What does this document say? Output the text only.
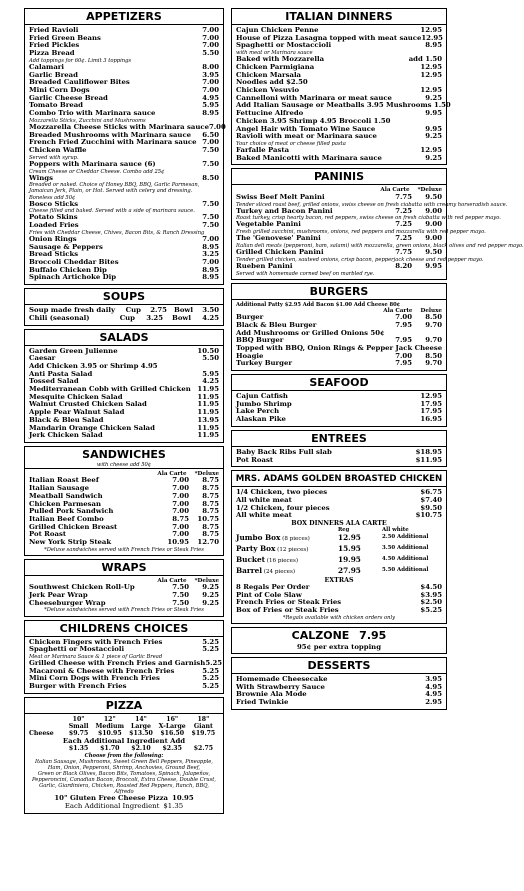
APPETIZERS
Fried Ravioli	7.00
Fried Green Beans	7.00
Fried Pickles	7.00
Pizza Bread	5.50
Add toppings for 60¢. Limit 3 toppings
Calamari	8.00
Garlic Bread	3.95
Breaded Cauliflower Bites	7.00
Mini Corn Dogs	7.00
Garlic Cheese Bread	4.95
Tomato Bread	5.95
Combo Trio with Marinara sauce	8.95
Mozzarella Sticks, Zucchini and Mushrooms
Mozzarella Cheese Sticks with Marinara sauce 7.00
Breaded Mushrooms with Marinara sauce 6.50
French Fried Zucchini with Marinara sauce 7.00
Chicken Waffle	7.50
Served with syrup.
Poppers with Marinara sauce (6)	7.50
Cream Cheese or Cheddar Cheese. Combo add 25¢
Wings	8.50
Breaded or naked. Choice of Honey BBQ, BBQ, Garlic Parmesan,
Jamaican Jerk, Plain, or Hot. Served with celery and dressing.
Boneless add 50¢
Bosco Sticks	7.50
Cheese filled and baked. Served with a side of marinara sauce.
Potato Skins	7.50
Loaded Fries	7.50
Fries with Cheddar Cheese, Chives, Bacon Bits, & Ranch Dressing
Onion Rings	7.00
Sausage & Peppers	8.95
Bread Sticks	3.25
Broccoli Cheddar Bites	7.00
Buffalo Chicken Dip	8.95
Spinach Artichoke Dip	8.95
SOUPS
Soup made fresh daily	Cup	2.75	Bowl	3.50
Chili (seasonal)	Cup	3.25	Bowl	4.25
SALADS
Garden Green Julienne	10.50
Caesar	5.50
Add Chicken 3.95 or Shrimp 4.95
Anti Pasta Salad	5.95
Tossed Salad	4.25
Mediterranean Cobb with Grilled Chicken 11.95
Mesquite Chicken Salad	11.95
Walnut Crusted Chicken Salad	11.95
Apple Pear Walnut Salad	11.95
Black & Bleu Salad	13.95
Mandarin Orange Chicken Salad	11.95
Jerk Chicken Salad	11.95
SANDWICHES
with cheese add 50¢
Ala Carte *Deluxe
Italian Roast Beef	7.00	8.75
Italian Sausage	7.00	8.75
Meatball Sandwich	7.00	8.75
Chicken Parmesan	7.00	8.75
Pulled Pork Sandwich	7.00	8.75
Italian Beef Combo	8.75	10.75
Grilled Chicken Breast	7.00	8.75
Pot Roast	7.00	8.75
New York Strip Steak	10.95	12.70
*Deluxe sandwiches served with French Fries or Steak Fries
WRAPS
Ala Carte *Deluxe
Southwest Chicken Roll-Up	7.50	9.25
Jerk Pear Wrap	7.50	9.25
Cheeseburger Wrap	7.50	9.25
*Deluxe sandwiches served with French Fries or Steak Fries
CHILDRENS CHOICES
Chicken Fingers with French Fries	5.25
Spaghetti or Mostaccioli	5.25
Meat or Marinara Sauce & 1 piece of Garlic Bread
Grilled Cheese with French Fries and Garnish 5.25
Macaroni & Cheese with French Fries	5.25
Mini Corn Dogs with French Fries	5.25
Burger with French Fries	5.25
PIZZA
10"	12"	14"	16"	18"
Small	Medium	Large	X-Large	Giant
Cheese	$9.75	$10.95	$13.50	$16.50	$19.75
Each Additional Ingredient Add
$1.35	$1.70	$2.10	$2.35	$2.75
Choose from the following:
Italian Sausage, Mushrooms, Sweet Green Bell Peppers, Pineapple,
Ham, Onion, Pepperoni, Shrimp, Anchovies, Ground Beef,
Green or Black Olives, Bacon Bits, Tomatoes, Spinach, Jalapeños,
Pepperoncini, Canadian Bacon, Broccoli, Extra Cheese, Double Crust,
Garlic, Giardiniera, Chicken, Roasted Red Peppers, Ranch, BBQ, Alfredo
10" Gluten Free Cheese Pizza 10.95
Each Additional Ingredient $1.35
ITALIAN DINNERS
Cajun Chicken Penne	12.95
House of Pizza Lasagna topped with meat sauce 12.95
Spaghetti or Mostaccioli	8.95
with meat or Marinara sauce
Baked with Mozzarella	add 1.50
Chicken Parmigiana	12.95
Chicken Marsala	12.95
Noodles add $2.50
Chicken Vesuvio	12.95
Cannelloni with Marinara or meat sauce	9.25
Add Italian Sausage or Meatballs 3.95 Mushrooms 1.50
Fettucine Alfredo	9.95
Chicken 3.95 Shrimp 4.95 Broccoli 1.50
Angel Hair with Tomato Wine Sauce	9.95
Ravioli with meat or Marinara sauce	9.25
Your choice of meat or cheese filled pasta
Farfalle Pasta	12.95
Baked Manicotti with Marinara sauce	9.25
PANINIS
Ala Carte *Deluxe
Swiss Beef Melt Panini	7.75	9.50
Tender sliced roast beef, grilled onions, swiss cheese on fresh ciabatta with creamy horseradish sauce.
Turkey and Bacon Panini	7.25	9.00
Roast turkey, crisp hearty bacon, red peppers, swiss cheese on fresh ciabatta with red pepper mayo.
Vegetable Panini	7.25	9.00
Fresh grilled zucchini, mushrooms, onions, red peppers and mozzarella with red pepper mayo.
The 'Genovese' Panini	7.25	9.00
Italian deli meats (pepperoni, ham, salami) with mozzarella, green onions, black olives and red pepper mayo.
Grilled Chicken Panini	7.75	9.50
Tender grilled chicken, sauteed onions, crisp bacon, pepperjack cheese and red pepper mayo.
Rueben Panini	8.20	9.95
Served with homemade corned beef on marbled rye.
BURGERS
Additional Patty $2.95 Add Bacon $1.00 Add Cheese 80¢
Ala Carte Deluxe
Burger	7.00	8.50
Black & Bleu Burger	7.95	9.70
Add Mushrooms or Grilled Onions 50¢
BBQ Burger	7.95	9.70
Topped with BBQ, Onion Rings & Pepper Jack Cheese
Hoagie	7.00	8.50
Turkey Burger	7.95	9.70
SEAFOOD
Cajun Catfish	12.95
Jumbo Shrimp	17.95
Lake Perch	17.95
Alaskan Pike	16.95
ENTREES
Baby Back Ribs Full slab	$18.95
Pot Roast	$11.95
MRS. ADAMS GOLDEN BROASTED CHICKEN
1/4 Chicken, two pieces	$6.75
All white meat	$7.40
1/2 Chicken, four pieces	$9.50
All white meat	$10.75
BOX DINNERS ALA CARTE
Reg	All white
Jumbo Box (8 pieces)	12.95	2.50 Additional
Party Box (12 pieces)	15.95	3.50 Additional
Bucket (16 pieces)	19.95	4.50 Additional
Barrel (24 pieces)	27.95	5.50 Additional
EXTRAS
8 Regals Per Order	$4.50
Pint of Cole Slaw	$3.95
French Fries or Steak Fries	$2.50
Box of Fries or Steak Fries	$5.25
*Regals available with chicken orders only
CALZONE 7.95
95¢ per extra topping
DESSERTS
Homemade Cheesecake	3.95
With Strawberry Sauce	4.95
Brownie Ala Mode	4.95
Fried Twinkie	2.95
